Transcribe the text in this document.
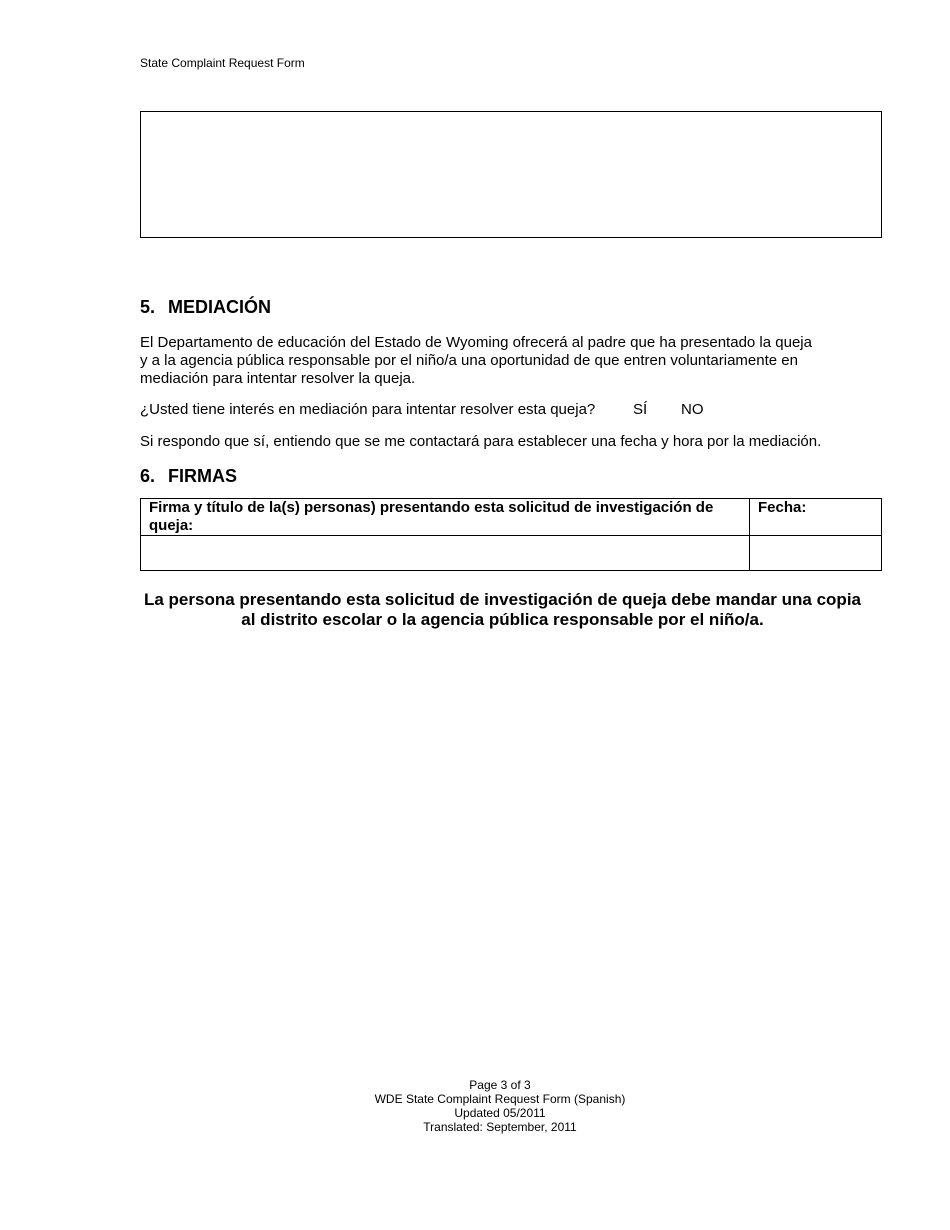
State Complaint Request Form
5. MEDIACIÓN

El Departamento de educación del Estado de Wyoming ofrecerá al padre que ha presentado la queja
y a la agencia pública responsable por el niño/a una oportunidad de que entren voluntariamente en
mediación para intentar resolver la queja.

¿Usted tiene interés en mediación para intentar resolver esta queja?	SÍ NO

Si respondo que sí, entiendo que se me contactará para establecer una fecha y hora por la mediación.

6. FIRMAS
Firma y título de la(s) personas) presentando esta solicitud de investigación de queja:	Fecha:

La persona presentando esta solicitud de investigación de queja debe mandar una copia
al distrito escolar o la agencia pública responsable por el niño/a.

Page 3 of 3
WDE State Complaint Request Form (Spanish)
Updated 05/2011
Translated: September, 2011
